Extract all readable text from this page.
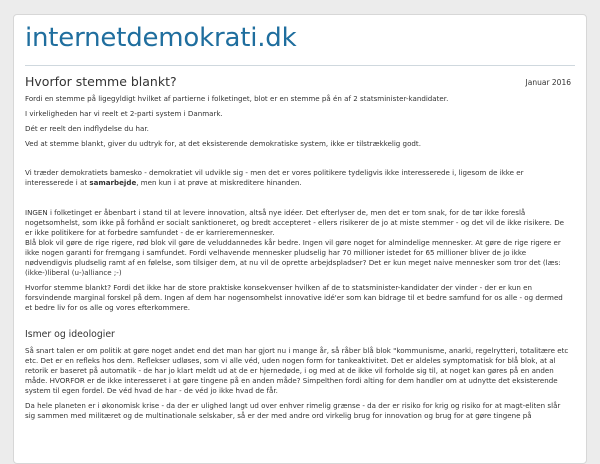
internetdemokrati.dk
Hvorfor stemme blankt?	Januar 2016

Fordi en stemme på ligegyldigt hvilket af partierne i folketinget, blot er en stemme på én af 2 statsminister-kandidater.

I virkeligheden har vi reelt et 2-parti system i Danmark.

Dét er reelt den indflydelse du har.

Ved at stemme blankt, giver du udtryk for, at det eksisterende demokratiske system, ikke er tilstrækkelig godt.

Vi træder demokratiets bamesko - demokratiet vil udvikle sig - men det er vores politikere tydeligvis ikke interesserede i, ligesom de ikke er interesserede i at samarbejde, men kun i at prøve at miskreditere hinanden.

INGEN i folketinget er åbenbart i stand til at levere innovation, altså nye idéer. Det efterlyser de, men det er tom snak, for de tør ikke foreslå nogetsomhelst, som ikke på forhånd er socialt sanktioneret, og bredt accepteret - ellers risikerer de jo at miste stemmer - og det vil de ikke risikere. De er ikke politikere for at forbedre samfundet - de er karrieremennesker.

Blå blok vil gøre de rige rigere, rød blok vil gøre de veluddannedes kår bedre. Ingen vil gøre noget for almindelige mennesker. At gøre de rige rigere er ikke nogen garanti for fremgang i samfundet. Fordi velhavende mennesker pludselig har 70 millioner istedet for 65 millioner bliver de jo ikke nødvendigvis pludselig ramt af en følelse, som tilsiger dem, at nu vil de oprette arbejdspladser? Det er kun meget naive mennesker som tror det (læs: (ikke-)liberal (u-)alliance ;-)

Hvorfor stemme blankt? Fordi det ikke har de store praktiske konsekvenser hvilken af de to statsminister-kandidater der vinder - der er kun en forsvindende marginal forskel på dem. Ingen af dem har nogensomhelst innovative idé'er som kan bidrage til et bedre samfund for os alle - og dermed et bedre liv for os alle og vores efterkommere.

Ismer og ideologier

Så snart talen er om politik at gøre noget andet end det man har gjort nu i mange år, så råber blå blok "kommunisme, anarki, regelrytteri, totalitære etc etc. Det er en refleks hos dem. Reflekser udløses, som vi alle véd, uden nogen form for tankeaktivitet. Det er aldeles symptomatisk for blå blok, at al retorik er baseret på automatik - de har jo klart meldt ud at de er hjernedøde, i og med at de ikke vil forholde sig til, at noget kan gøres på en anden måde. HVORFOR er de ikke interesseret i at gøre tingene på en anden måde? Simpelthen fordi alting for dem handler om at udnytte det eksisterende system til egen fordel. De véd hvad de har - de véd jo ikke hvad de får.

Da hele planeten er i økonomisk krise - da der er ulighed langt ud over enhver rimelig grænse - da der er risiko for krig og risiko for at magt-eliten slår sig sammen med militæret og de multinationale selskaber, så er der med andre ord virkelig brug for innovation og brug for at gøre tingene på
